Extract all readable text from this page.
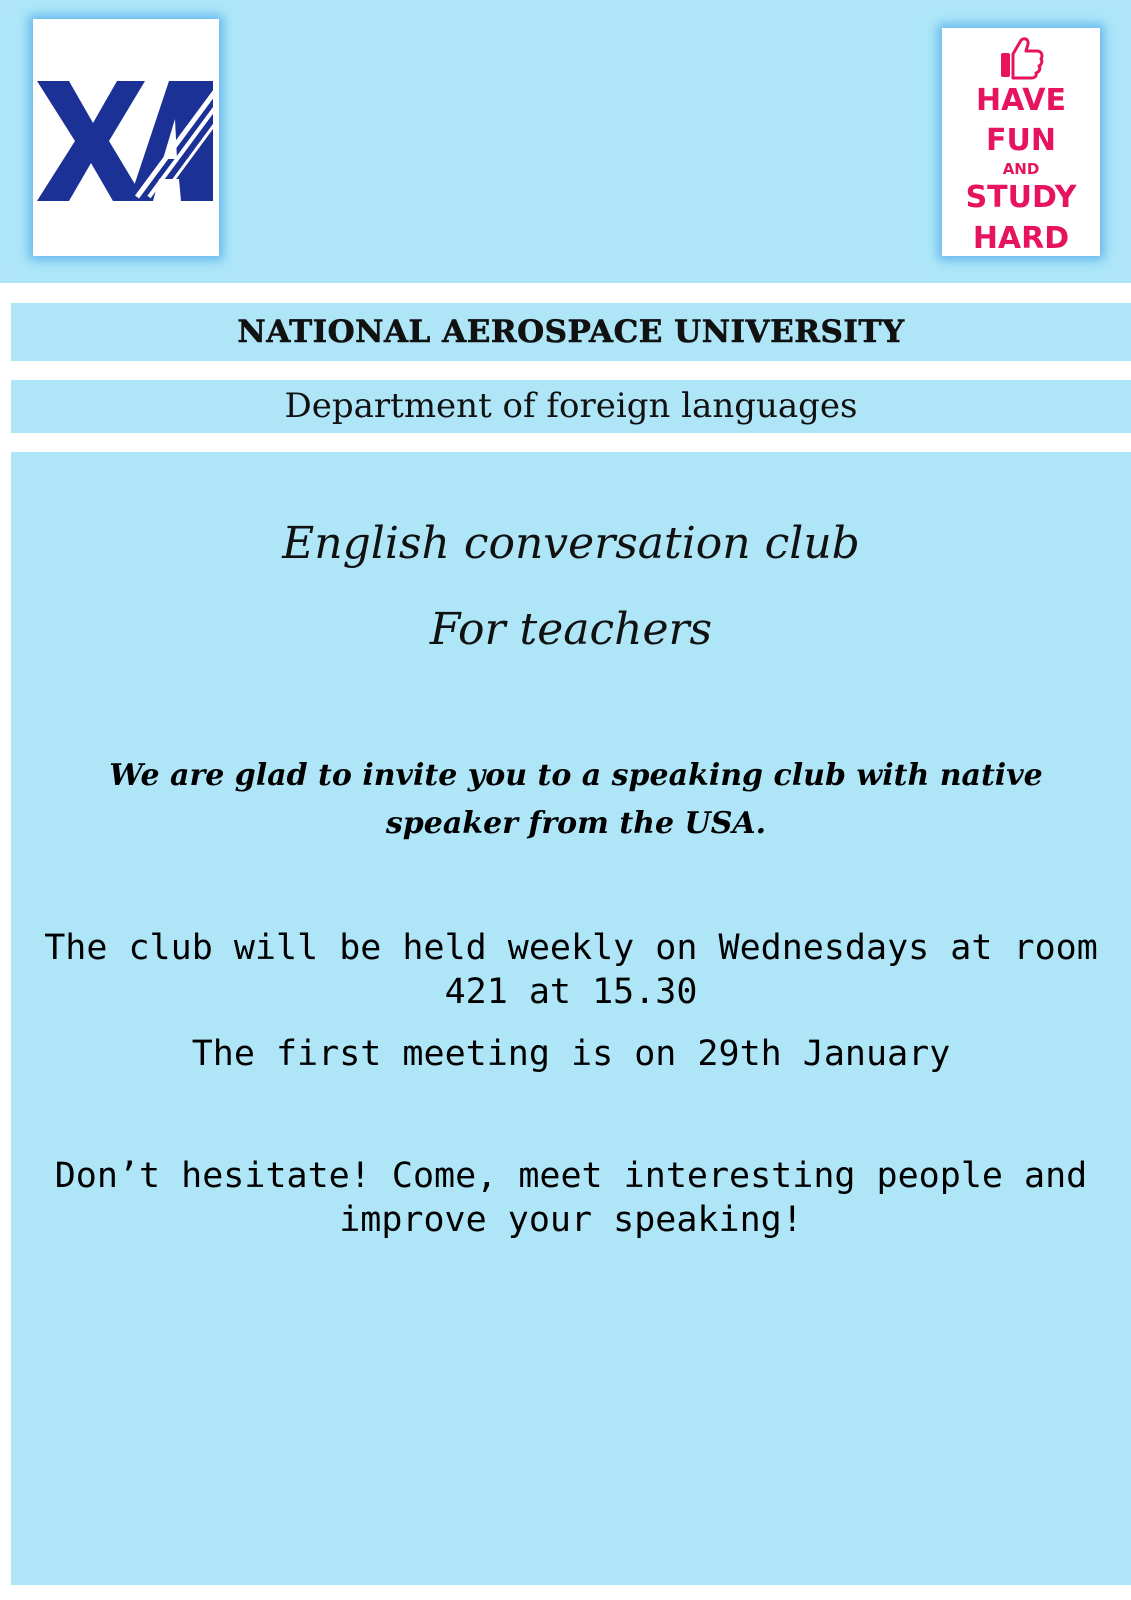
HAVE
FUN
AND
STUDY
HARD
NATIONAL AEROSPACE UNIVERSITY
Department of foreign languages
English conversation club
For teachers
We are glad to invite you to a speaking club with native speaker from the USA.
The club will be held weekly on Wednesdays at room 421 at 15.30
The first meeting is on 29th January
Don’t hesitate! Come, meet interesting people and improve your speaking!
